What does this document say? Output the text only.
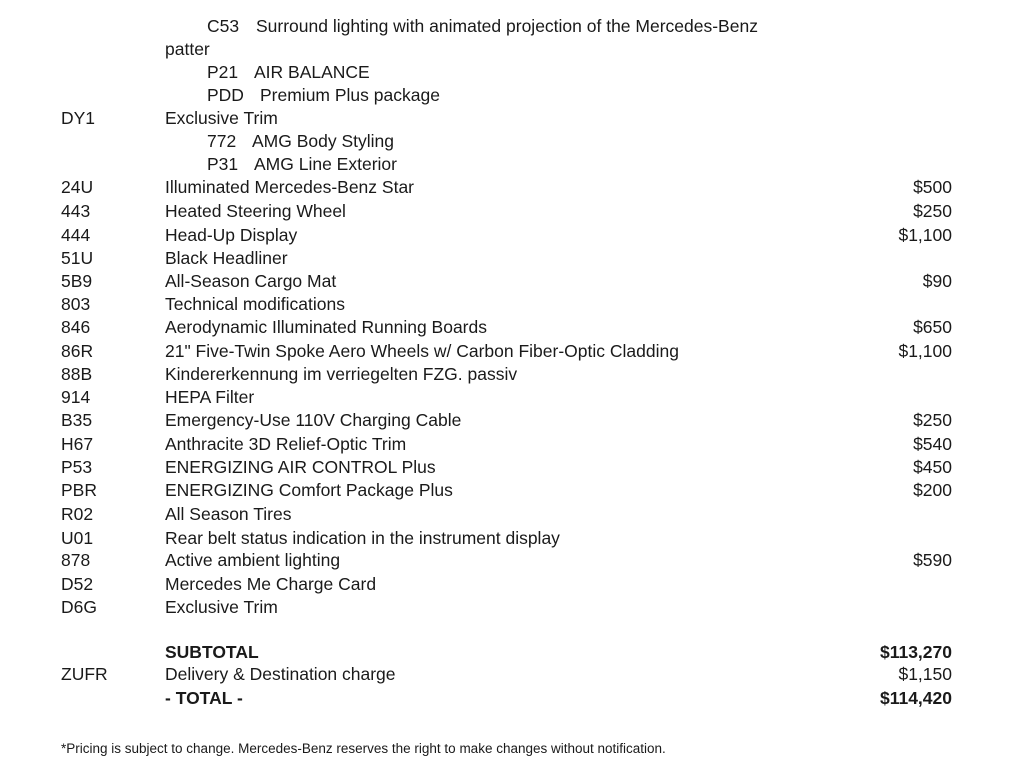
C53 Surround lighting with animated projection of the Mercedes-Benz
patter
P21 AIR BALANCE
PDD Premium Plus package
DY1	Exclusive Trim
772 AMG Body Styling
P31 AMG Line Exterior
24U	Illuminated Mercedes-Benz Star	$500
443	Heated Steering Wheel	$250
444	Head-Up Display	$1,100
51U	Black Headliner
5B9	All-Season Cargo Mat	$90
803	Technical modifications
846	Aerodynamic Illuminated Running Boards	$650
86R	21" Five-Twin Spoke Aero Wheels w/ Carbon Fiber-Optic Cladding	$1,100
88B	Kindererkennung im verriegelten FZG. passiv
914	HEPA Filter
B35	Emergency-Use 110V Charging Cable	$250
H67	Anthracite 3D Relief-Optic Trim	$540
P53	ENERGIZING AIR CONTROL Plus	$450
PBR	ENERGIZING Comfort Package Plus	$200
R02	All Season Tires
U01	Rear belt status indication in the instrument display
878	Active ambient lighting	$590
D52	Mercedes Me Charge Card
D6G	Exclusive Trim
SUBTOTAL	$113,270
ZUFR	Delivery & Destination charge	$1,150
- TOTAL -	$114,420
*Pricing is subject to change. Mercedes-Benz reserves the right to make changes without notification.
